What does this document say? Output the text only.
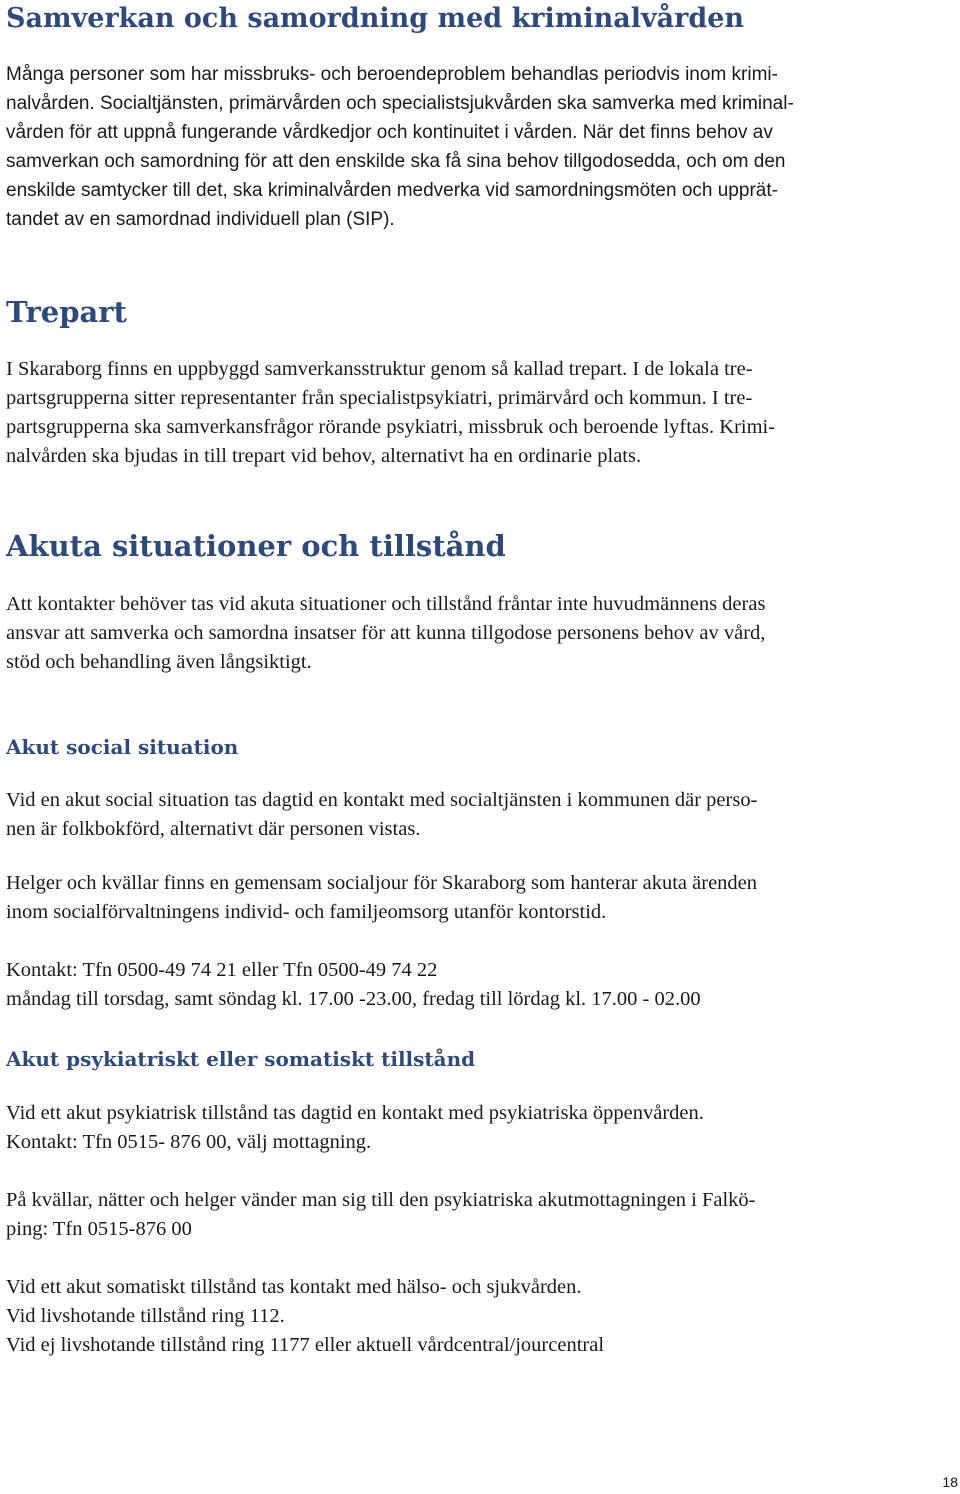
Samverkan och samordning med kriminalvården

Många personer som har missbruks- och beroendeproblem behandlas periodvis inom krimi-
nalvården. Socialtjänsten, primärvården och specialistsjukvården ska samverka med kriminal-
vården för att uppnå fungerande vårdkedjor och kontinuitet i vården. När det finns behov av
samverkan och samordning för att den enskilde ska få sina behov tillgodosedda, och om den
enskilde samtycker till det, ska kriminalvården medverka vid samordningsmöten och upprät-
tandet av en samordnad individuell plan (SIP).

Trepart

I Skaraborg finns en uppbyggd samverkansstruktur genom så kallad trepart. I de lokala tre-
partsgrupperna sitter representanter från specialistpsykiatri, primärvård och kommun. I tre-
partsgrupperna ska samverkansfrågor rörande psykiatri, missbruk och beroende lyftas. Krimi-
nalvården ska bjudas in till trepart vid behov, alternativt ha en ordinarie plats.

Akuta situationer och tillstånd

Att kontakter behöver tas vid akuta situationer och tillstånd fråntar inte huvudmännens deras
ansvar att samverka och samordna insatser för att kunna tillgodose personens behov av vård,
stöd och behandling även långsiktigt.

Akut social situation

Vid en akut social situation tas dagtid en kontakt med socialtjänsten i kommunen där perso-
nen är folkbokförd, alternativt där personen vistas.

Helger och kvällar finns en gemensam socialjour för Skaraborg som hanterar akuta ärenden
inom socialförvaltningens individ- och familjeomsorg utanför kontorstid.

Kontakt: Tfn 0500-49 74 21 eller Tfn 0500-49 74 22
måndag till torsdag, samt söndag kl. 17.00 -23.00, fredag till lördag kl. 17.00 - 02.00

Akut psykiatriskt eller somatiskt tillstånd

Vid ett akut psykiatrisk tillstånd tas dagtid en kontakt med psykiatriska öppenvården.
Kontakt: Tfn 0515- 876 00, välj mottagning.

På kvällar, nätter och helger vänder man sig till den psykiatriska akutmottagningen i Falkö-
ping: Tfn 0515-876 00

Vid ett akut somatiskt tillstånd tas kontakt med hälso- och sjukvården.
Vid livshotande tillstånd ring 112.
Vid ej livshotande tillstånd ring 1177 eller aktuell vårdcentral/jourcentral

18
